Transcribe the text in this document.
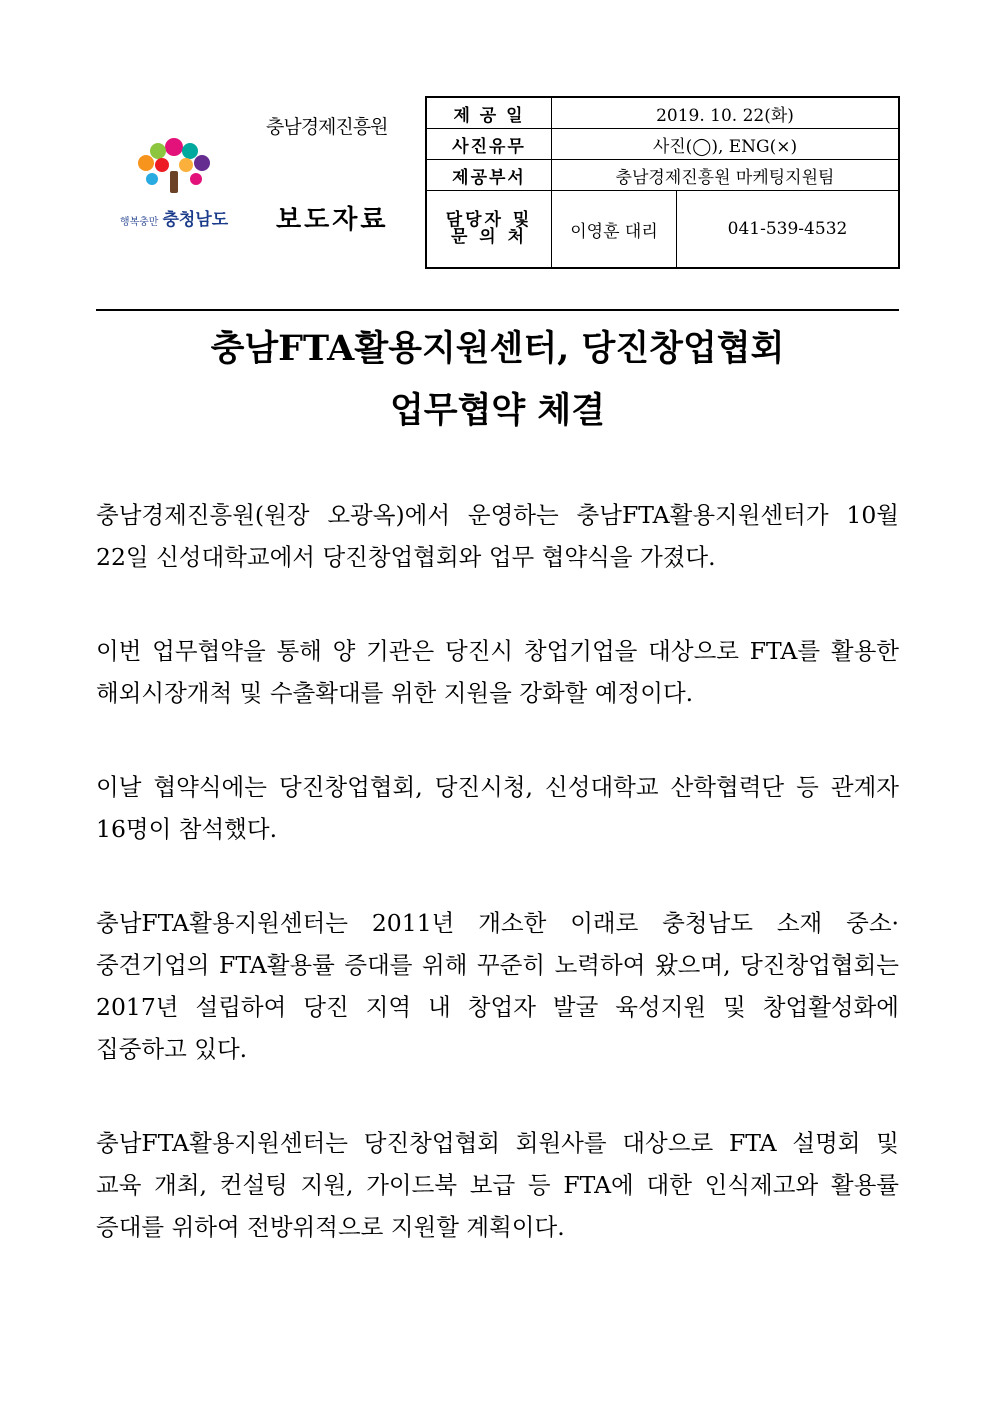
행복충만 충청남도
충남경제진흥원
보도자료
제 공 일	2019. 10. 22(화)	
사진유무	사진(◯), ENG(×)	
제공부서	충남경제진흥원 마케팅지원팀	

담당자 및
문 의 처	이영훈 대리	041-539-4532
충남FTA활용지원센터, 당진창업협회
업무협약 체결

충남경제진흥원(원장 오광옥)에서 운영하는 충남FTA활용지원센터가 10월 22일 신성대학교에서 당진창업협회와 업무 협약식을 가졌다.

이번 업무협약을 통해 양 기관은 당진시 창업기업을 대상으로 FTA를 활용한 해외시장개척 및 수출확대를 위한 지원을 강화할 예정이다.

이날 협약식에는 당진창업협회, 당진시청, 신성대학교 산학협력단 등 관계자 16명이 참석했다.

충남FTA활용지원센터는 2011년 개소한 이래로 충청남도 소재 중소·중견기업의 FTA활용률 증대를 위해 꾸준히 노력하여 왔으며, 당진창업협회는 2017년 설립하여 당진 지역 내 창업자 발굴 육성지원 및 창업활성화에 집중하고 있다.

충남FTA활용지원센터는 당진창업협회 회원사를 대상으로 FTA 설명회 및 교육 개최, 컨설팅 지원, 가이드북 보급 등 FTA에 대한 인식제고와 활용률 증대를 위하여 전방위적으로 지원할 계획이다.
